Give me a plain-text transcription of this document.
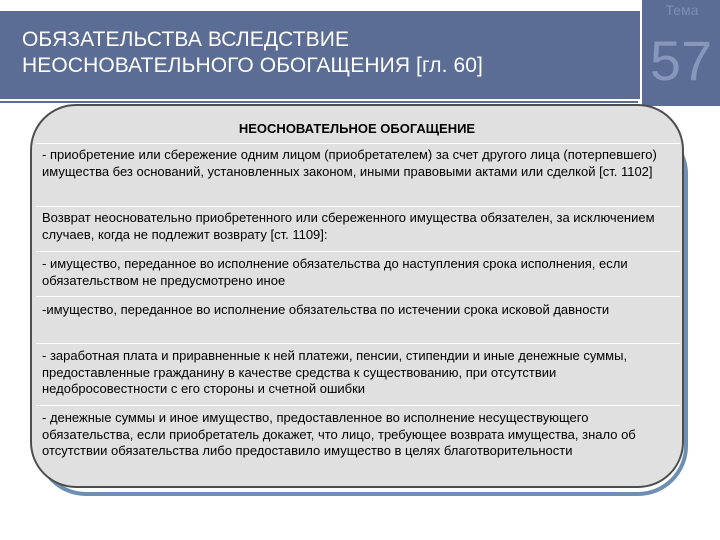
ОБЯЗАТЕЛЬСТВА ВСЛЕДСТВИЕ
НЕОСНОВАТЕЛЬНОГО ОБОГАЩЕНИЯ [гл. 60]
Тема
57
НЕОСНОВАТЕЛЬНОЕ ОБОГАЩЕНИЕ
- приобретение или сбережение одним лицом (приобретателем) за счет другого лица (потерпевшего) имущества без оснований, установленных законом, иными правовыми актами или сделкой [ст. 1102]
Возврат неосновательно приобретенного или сбереженного имущества обязателен, за исключением случаев, когда не подлежит возврату [ст. 1109]:
- имущество, переданное во исполнение обязательства до наступления срока исполнения, если обязательством не предусмотрено иное
-имущество, переданное во исполнение обязательства по истечении срока исковой давности
- заработная плата и приравненные к ней платежи, пенсии, стипендии и иные денежные суммы, предоставленные гражданину в качестве средства к существованию, при отсутствии недобросовестности с его стороны и счетной ошибки
- денежные суммы и иное имущество, предоставленное во исполнение несуществующего обязательства, если приобретатель докажет, что лицо, требующее возврата имущества, знало об отсутствии обязательства либо предоставило имущество в целях благотворительности
